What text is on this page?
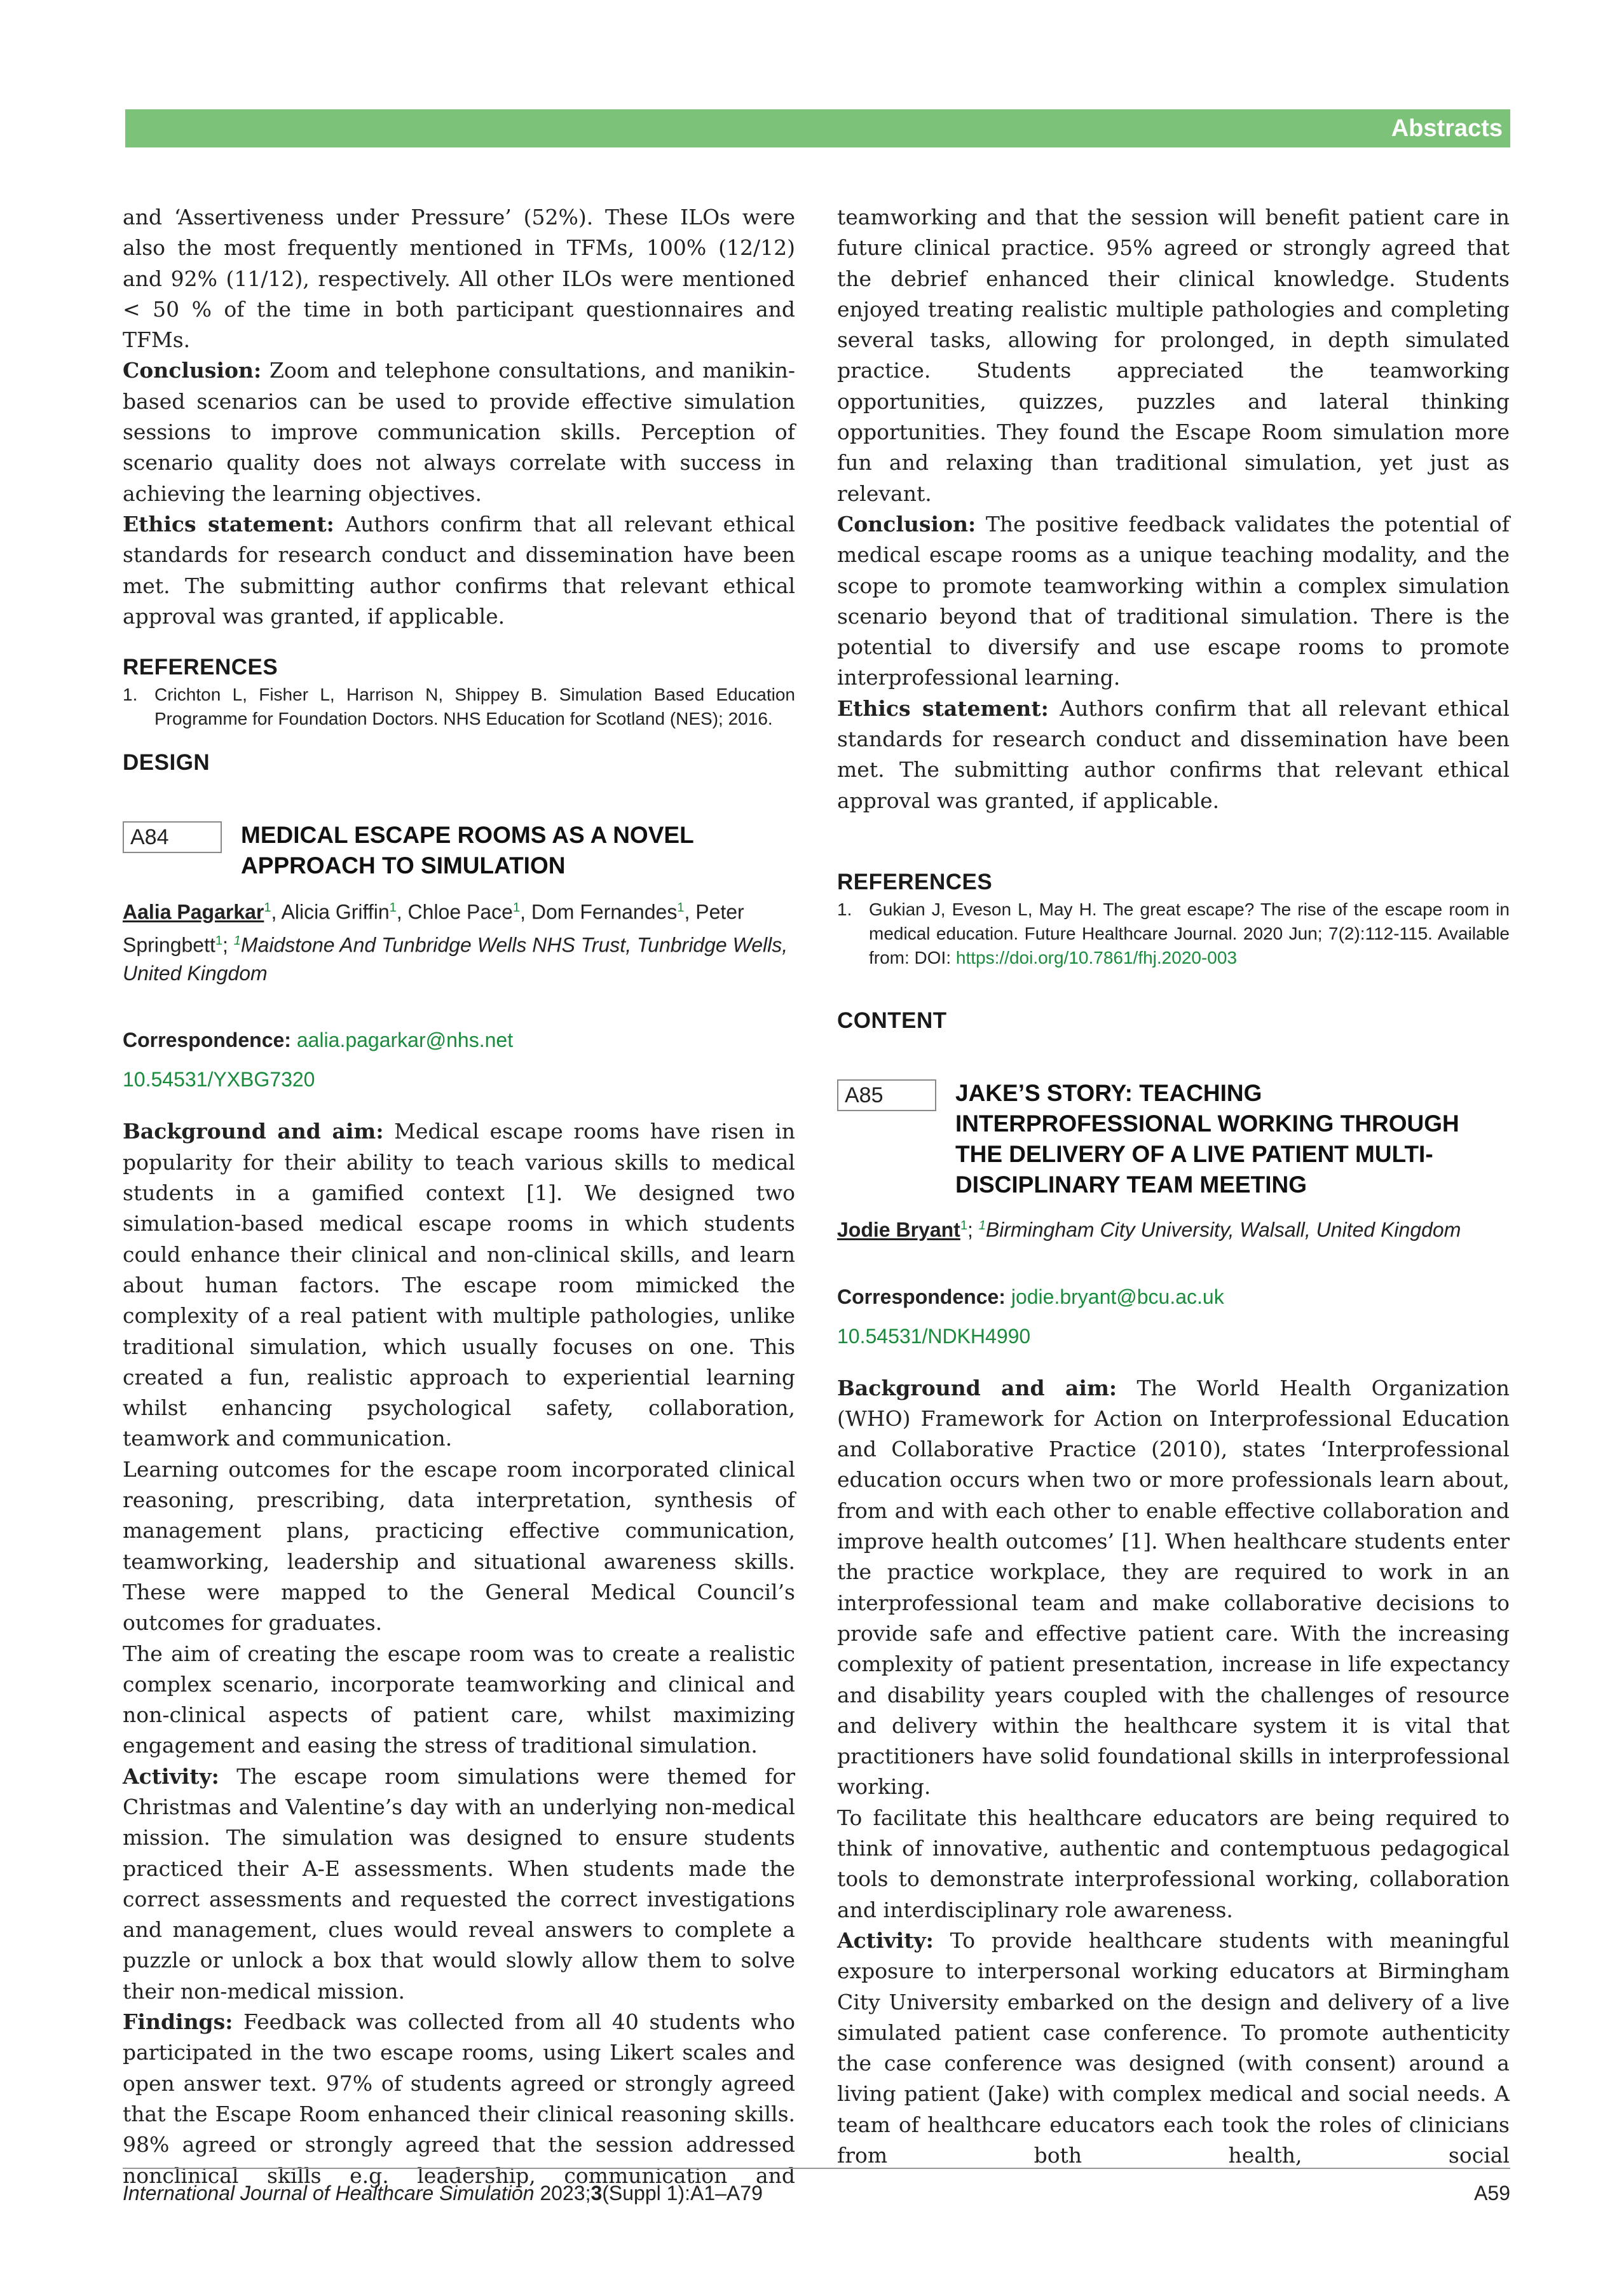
Abstracts

and ‘Assertiveness under Pressure’ (52%). These ILOs were also the most frequently mentioned in TFMs, 100% (12/12) and 92% (11/12), respectively. All other ILOs were mentioned < 50 % of the time in both participant questionnaires and TFMs.

Conclusion: Zoom and telephone consultations, and manikin-based scenarios can be used to provide effective simulation sessions to improve communication skills. Perception of scenario quality does not always correlate with success in achieving the learning objectives.

Ethics statement: Authors confirm that all relevant ethical standards for research conduct and dissemination have been met. The submitting author confirms that relevant ethical approval was granted, if applicable.

REFERENCES
1. Crichton L, Fisher L, Harrison N, Shippey B. Simulation Based Education Programme for Foundation Doctors. NHS Education for Scotland (NES); 2016.
DESIGN
A84	MEDICAL ESCAPE ROOMS AS A NOVEL APPROACH TO SIMULATION
Aalia Pagarkar$^1$, Alicia Griffin$^1$, Chloe Pace$^1$, Dom Fernandes$^1$, Peter Springbett$^1$; $^1$Maidstone And Tunbridge Wells NHS Trust, Tunbridge Wells, United Kingdom
Correspondence: aalia.pagarkar@nhs.net
10.54531/YXBG7320

Background and aim: Medical escape rooms have risen in popularity for their ability to teach various skills to medical students in a gamified context [1]. We designed two simulation-based medical escape rooms in which students could enhance their clinical and non-clinical skills, and learn about human factors. The escape room mimicked the complexity of a real patient with multiple pathologies, unlike traditional simulation, which usually focuses on one. This created a fun, realistic approach to experiential learning whilst enhancing psychological safety, collaboration, teamwork and communication.

Learning outcomes for the escape room incorporated clinical reasoning, prescribing, data interpretation, synthesis of management plans, practicing effective communication, teamworking, leadership and situational awareness skills. These were mapped to the General Medical Council’s outcomes for graduates.

The aim of creating the escape room was to create a realistic complex scenario, incorporate teamworking and clinical and non-clinical aspects of patient care, whilst maximizing engagement and easing the stress of traditional simulation.

Activity: The escape room simulations were themed for Christmas and Valentine’s day with an underlying non-medical mission. The simulation was designed to ensure students practiced their A-E assessments. When students made the correct assessments and requested the correct investigations and management, clues would reveal answers to complete a puzzle or unlock a box that would slowly allow them to solve their non-medical mission.

Findings: Feedback was collected from all 40 students who participated in the two escape rooms, using Likert scales and open answer text. 97% of students agreed or strongly agreed that the Escape Room enhanced their clinical reasoning skills. 98% agreed or strongly agreed that the session addressed nonclinical skills e.g. leadership, communication and

teamworking and that the session will benefit patient care in future clinical practice. 95% agreed or strongly agreed that the debrief enhanced their clinical knowledge. Students enjoyed treating realistic multiple pathologies and completing several tasks, allowing for prolonged, in depth simulated practice. Students appreciated the teamworking opportunities, quizzes, puzzles and lateral thinking opportunities. They found the Escape Room simulation more fun and relaxing than traditional simulation, yet just as relevant.

Conclusion: The positive feedback validates the potential of medical escape rooms as a unique teaching modality, and the scope to promote teamworking within a complex simulation scenario beyond that of traditional simulation. There is the potential to diversify and use escape rooms to promote interprofessional learning.

Ethics statement: Authors confirm that all relevant ethical standards for research conduct and dissemination have been met. The submitting author confirms that relevant ethical approval was granted, if applicable.

REFERENCES
1. Gukian J, Eveson L, May H. The great escape? The rise of the escape room in medical education. Future Healthcare Journal. 2020 Jun; 7(2):112-115. Available from: DOI: https://doi.org/10.7861/fhj.2020-003
CONTENT
A85	JAKE’S STORY: TEACHING INTERPROFESSIONAL WORKING THROUGH THE DELIVERY OF A LIVE PATIENT MULTI-DISCIPLINARY TEAM MEETING
Jodie Bryant$^1$; $^1$Birmingham City University, Walsall, United Kingdom
Correspondence: jodie.bryant@bcu.ac.uk
10.54531/NDKH4990

Background and aim: The World Health Organization (WHO) Framework for Action on Interprofessional Education and Collaborative Practice (2010), states ‘Interprofessional education occurs when two or more professionals learn about, from and with each other to enable effective collaboration and improve health outcomes’ [1]. When healthcare students enter the practice workplace, they are required to work in an interprofessional team and make collaborative decisions to provide safe and effective patient care. With the increasing complexity of patient presentation, increase in life expectancy and disability years coupled with the challenges of resource and delivery within the healthcare system it is vital that practitioners have solid foundational skills in interprofessional working.

To facilitate this healthcare educators are being required to think of innovative, authentic and contemptuous pedagogical tools to demonstrate interprofessional working, collaboration and interdisciplinary role awareness.

Activity: To provide healthcare students with meaningful exposure to interpersonal working educators at Birmingham City University embarked on the design and delivery of a live simulated patient case conference. To promote authenticity the case conference was designed (with consent) around a living patient (Jake) with complex medical and social needs. A team of healthcare educators each took the roles of clinicians from both health, social

International Journal of Healthcare Simulation 2023;3(Suppl 1):A1–A79	A59
